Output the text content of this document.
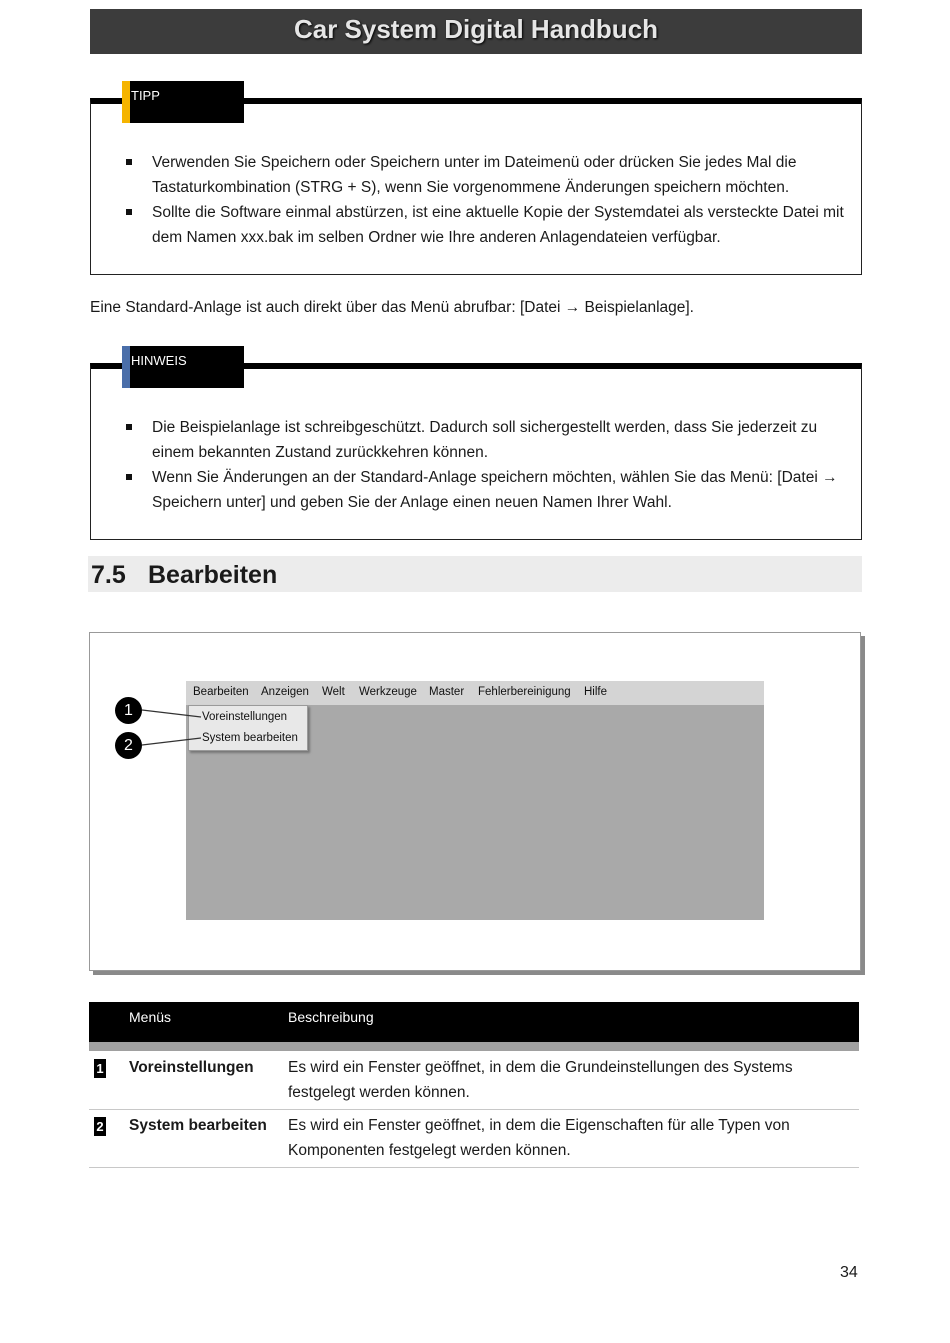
Car System Digital Handbuch
Verwenden Sie Speichern oder Speichern unter im Dateimenü oder drücken Sie jedes Mal die Tastaturkombination (STRG + S), wenn Sie vorgenommene Änderungen speichern möchten.
Sollte die Software einmal abstürzen, ist eine aktuelle Kopie der Systemdatei als versteckte Datei mit dem Namen xxx.bak im selben Ordner wie Ihre anderen Anlagendateien verfügbar.
TIPP
Eine Standard-Anlage ist auch direkt über das Menü abrufbar: [Datei → Beispielanlage].
Die Beispielanlage ist schreibgeschützt. Dadurch soll sichergestellt werden, dass Sie jederzeit zu einem bekannten Zustand zurückkehren können.
Wenn Sie Änderungen an der Standard-Anlage speichern möchten, wählen Sie das Menü: [Datei → Speichern unter] und geben Sie der Anlage einen neuen Namen Ihrer Wahl.
HINWEIS
7.5 Bearbeiten
Bearbeiten Anzeigen Welt Werkzeuge Master Fehlerbereinigung Hilfe
Voreinstellungen
System bearbeiten
1
2
Menüs	Beschreibung
1 Voreinstellungen Es wird ein Fenster geöffnet, in dem die Grundeinstellungen des Systems festgelegt werden können.
2 System bearbeiten Es wird ein Fenster geöffnet, in dem die Eigenschaften für alle Typen von Komponenten festgelegt werden können.
34
